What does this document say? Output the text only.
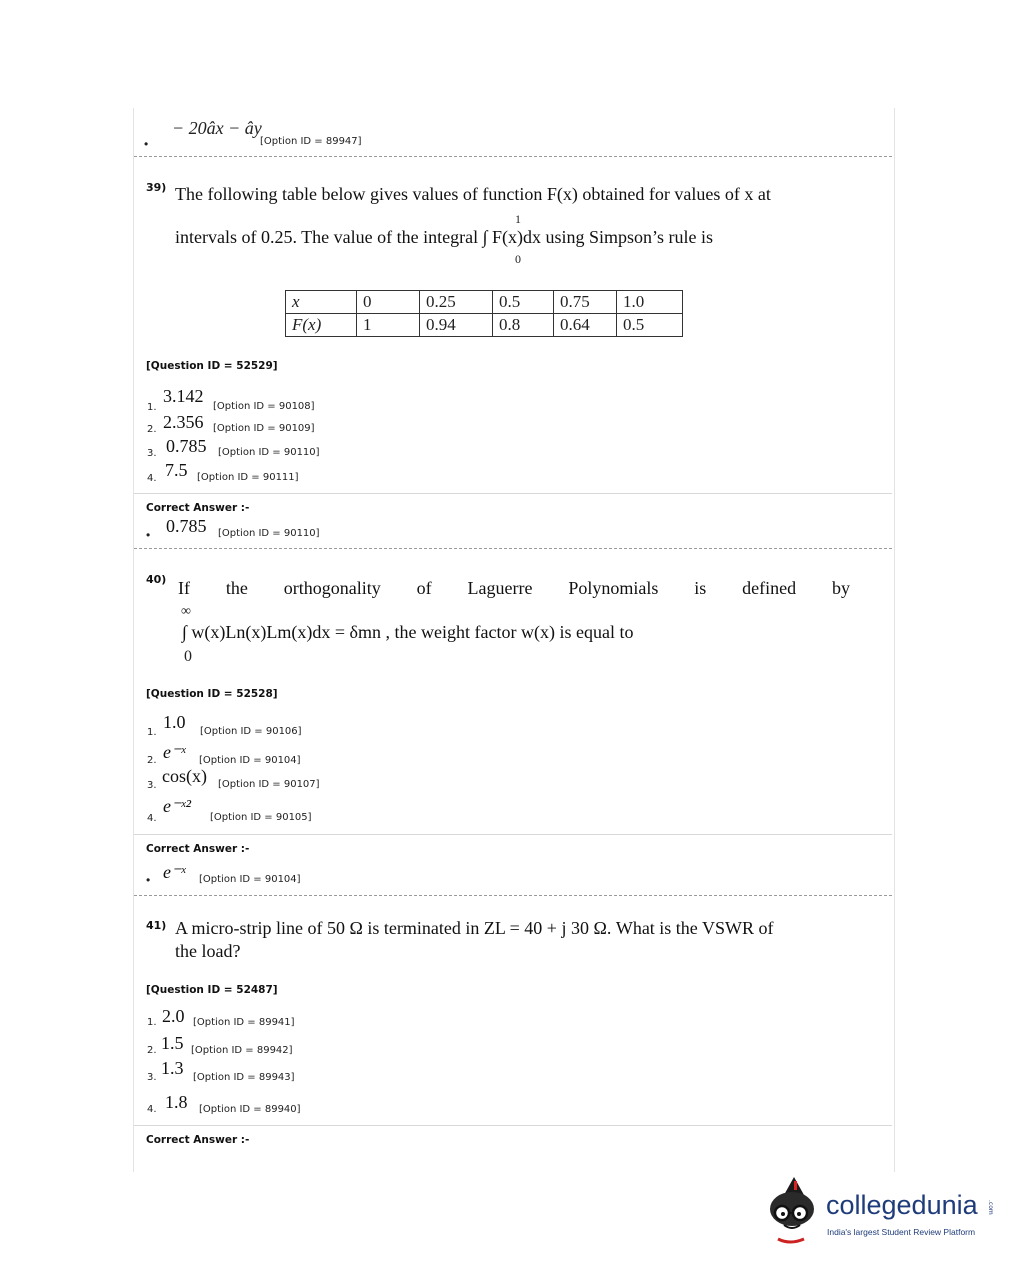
•
− 20âx − ây
[Option ID = 89947]
39) The following table below gives values of function F(x) obtained for values of x at
1
intervals of 0.25. The value of the integral ∫ F(x)dx using Simpson’s rule is
0
x	0	0.25	0.5	0.75	1.0
F(x)	1	0.94	0.8	0.64	0.5
[Question ID = 52529]
1.
3.142
[Option ID = 90108]
2. 2.356 [Option ID = 90109]
3. 0.785 [Option ID = 90110]
4. 7.5 [Option ID = 90111]
Correct Answer :-
• 0.785 [Option ID = 90110]
40) If the orthogonality of Laguerre Polynomials is defined by
∞
∫ w(x)Ln(x)Lm(x)dx = δmn , the weight factor w(x) is equal to
0
[Question ID = 52528]
1.
1.0 [Option ID = 90106]
2. e⁻ˣ [Option ID = 90104]
3. cos(x) [Option ID = 90107]
4.
e⁻ˣ²
[Option ID = 90105]
Correct Answer :-
• e⁻ˣ [Option ID = 90104]
41) A micro-strip line of 50 Ω is terminated in ZL = 40 + j 30 Ω. What is the VSWR of
the load?
[Question ID = 52487]
1. 2.0 [Option ID = 89941]
2. 1.5 [Option ID = 89942]
3. 1.3 [Option ID = 89943]
4. 1.8 [Option ID = 89940]
Correct Answer :-
collegedunia .com
India's largest Student Review Platform
